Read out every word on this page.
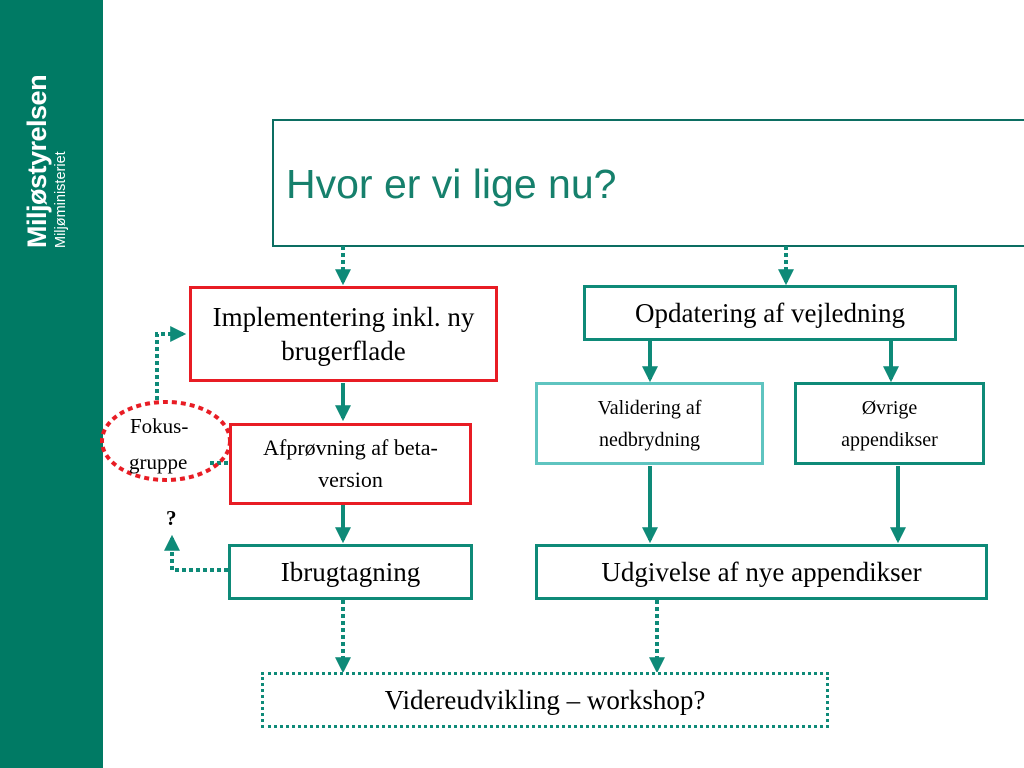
Miljøstyrelsen Miljøministeriet	Hvor er vi lige nu?
Implementering inkl. ny brugerflade
Afprøvning af beta-version
Ibrugtagning
Opdatering af vejledning
Validering af nedbrydning
Øvrige appendikser
Udgivelse af nye appendikser
Videreudvikling – workshop?
Fokus-
gruppe
?
